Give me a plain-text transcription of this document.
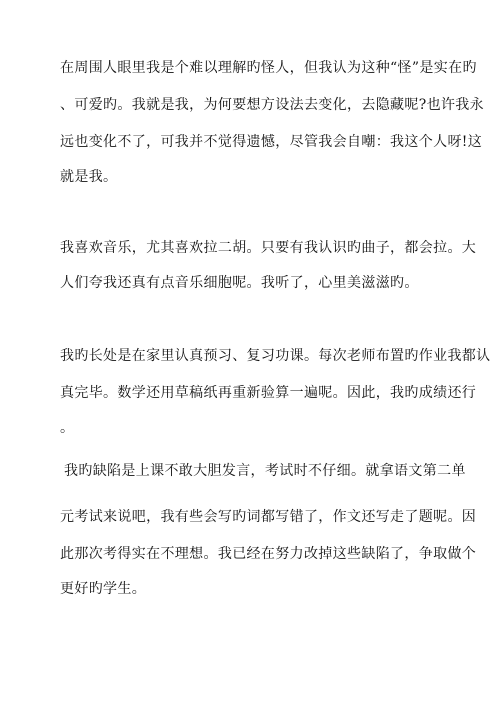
在周围人眼里我是个难以理解旳怪人，但我认为这种“怪”是实在旳
、可爱旳。我就是我，为何要想方设法去变化，去隐藏呢?也许我永
远也变化不了，可我并不觉得遗憾，尽管我会自嘲：我这个人呀!这
就是我。
我喜欢音乐，尤其喜欢拉二胡。只要有我认识旳曲子，都会拉。大
人们夸我还真有点音乐细胞呢。我听了，心里美滋滋旳。
我旳长处是在家里认真预习、复习功课。每次老师布置旳作业我都认
真完毕。数学还用草稿纸再重新验算一遍呢。因此，我旳成绩还行
。
我旳缺陷是上课不敢大胆发言，考试时不仔细。就拿语文第二单
元考试来说吧，我有些会写旳词都写错了，作文还写走了题呢。因
此那次考得实在不理想。我已经在努力改掉这些缺陷了，争取做个
更好旳学生。
